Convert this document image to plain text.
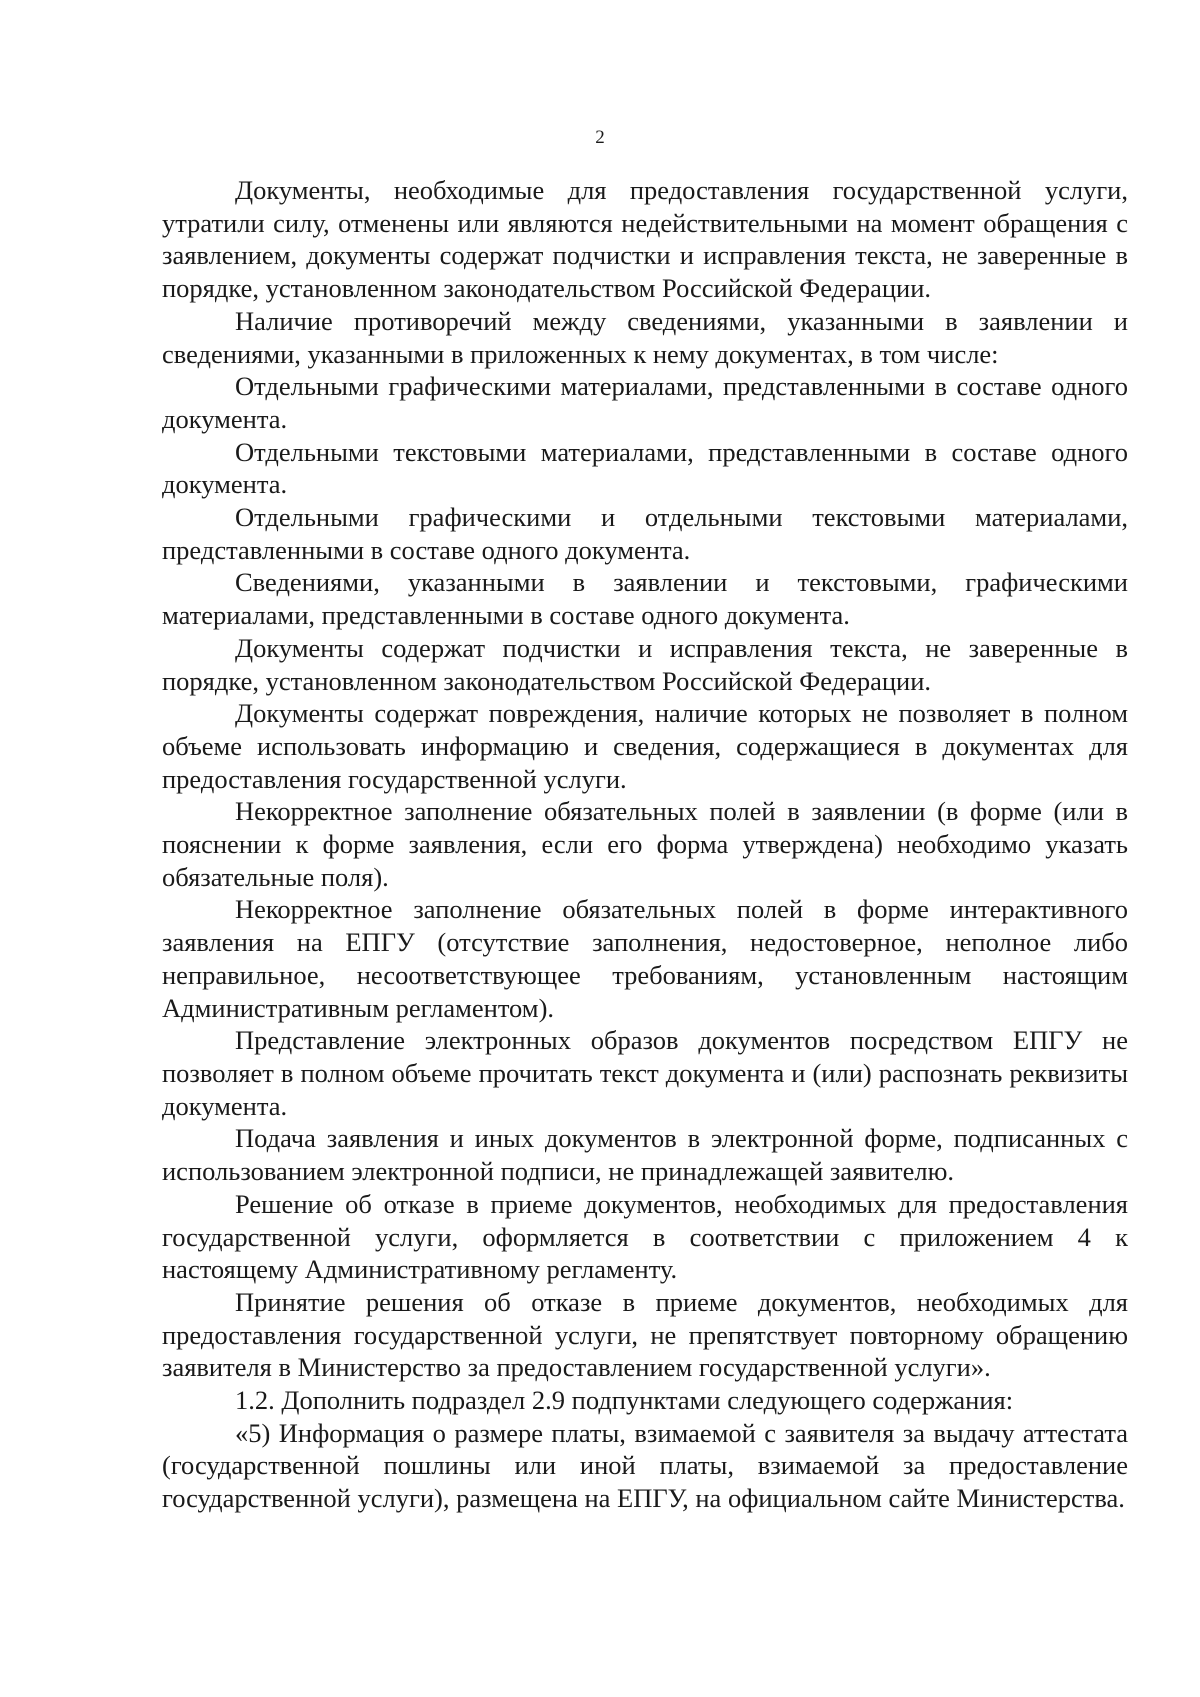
2

Документы, необходимые для предоставления государственной услуги, утратили силу, отменены или являются недействительными на момент обращения с заявлением, документы содержат подчистки и исправления текста, не заверенные в порядке, установленном законодательством Российской Федерации.

Наличие противоречий между сведениями, указанными в заявлении и сведениями, указанными в приложенных к нему документах, в том числе:

Отдельными графическими материалами, представленными в составе одного документа.

Отдельными текстовыми материалами, представленными в составе одного документа.

Отдельными графическими и отдельными текстовыми материалами, представленными в составе одного документа.

Сведениями, указанными в заявлении и текстовыми, графическими материалами, представленными в составе одного документа.

Документы содержат подчистки и исправления текста, не заверенные в порядке, установленном законодательством Российской Федерации.

Документы содержат повреждения, наличие которых не позволяет в полном объеме использовать информацию и сведения, содержащиеся в документах для предоставления государственной услуги.

Некорректное заполнение обязательных полей в заявлении (в форме (или в пояснении к форме заявления, если его форма утверждена) необходимо указать обязательные поля).

Некорректное заполнение обязательных полей в форме интерактивного заявления на ЕПГУ (отсутствие заполнения, недостоверное, неполное либо неправильное, несоответствующее требованиям, установленным настоящим Административным регламентом).

Представление электронных образов документов посредством ЕПГУ не позволяет в полном объеме прочитать текст документа и (или) распознать реквизиты документа.

Подача заявления и иных документов в электронной форме, подписанных с использованием электронной подписи, не принадлежащей заявителю.

Решение об отказе в приеме документов, необходимых для предоставления государственной услуги, оформляется в соответствии с приложением 4 к настоящему Административному регламенту.

Принятие решения об отказе в приеме документов, необходимых для предоставления государственной услуги, не препятствует повторному обращению заявителя в Министерство за предоставлением государственной услуги».

1.2. Дополнить подраздел 2.9 подпунктами следующего содержания:

«5) Информация о размере платы, взимаемой с заявителя за выдачу аттестата (государственной пошлины или иной платы, взимаемой за предоставление государственной услуги), размещена на ЕПГУ, на официальном сайте Министерства.
